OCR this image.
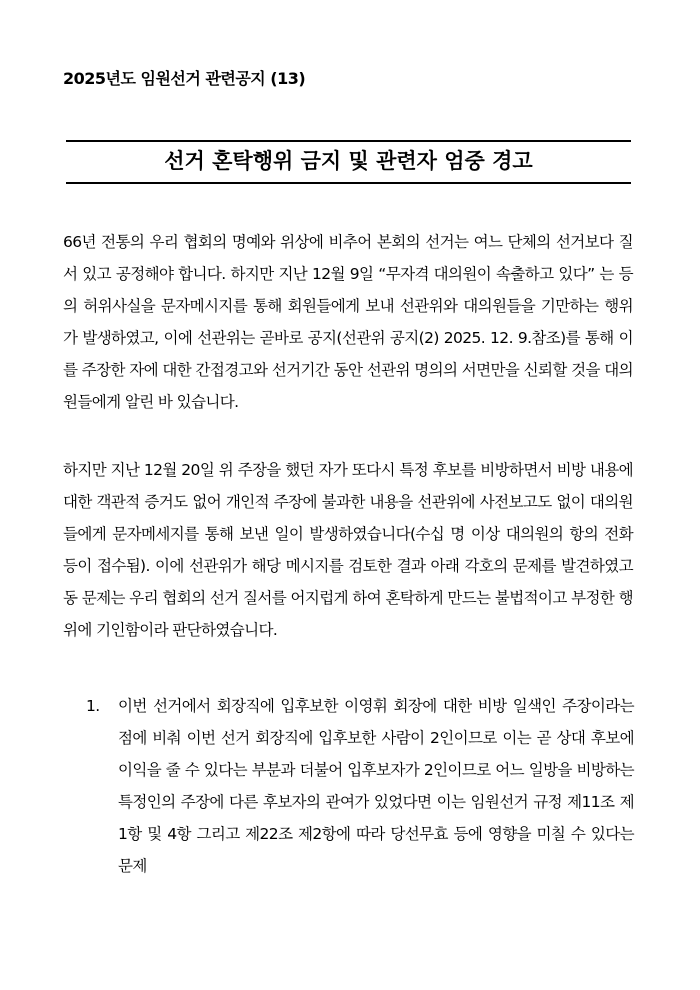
2025년도 임원선거 관련공지 (13)
선거 혼탁행위 금지 및 관련자 엄중 경고

66년 전통의 우리 협회의 명예와 위상에 비추어 본회의 선거는 여느 단체의 선거보다 질서 있고 공정해야 합니다. 하지만 지난 12월 9일 “무자격 대의원이 속출하고 있다” 는 등의 허위사실을 문자메시지를 통해 회원들에게 보내 선관위와 대의원들을 기만하는 행위가 발생하였고, 이에 선관위는 곧바로 공지(선관위 공지(2) 2025. 12. 9.참조)를 통해 이를 주장한 자에 대한 간접경고와 선거기간 동안 선관위 명의의 서면만을 신뢰할 것을 대의원들에게 알린 바 있습니다.

하지만 지난 12월 20일 위 주장을 했던 자가 또다시 특정 후보를 비방하면서 비방 내용에 대한 객관적 증거도 없어 개인적 주장에 불과한 내용을 선관위에 사전보고도 없이 대의원들에게 문자메세지를 통해 보낸 일이 발생하였습니다(수십 명 이상 대의원의 항의 전화 등이 접수됨). 이에 선관위가 해당 메시지를 검토한 결과 아래 각호의 문제를 발견하였고 동 문제는 우리 협회의 선거 질서를 어지럽게 하여 혼탁하게 만드는 불법적이고 부정한 행위에 기인함이라 판단하였습니다.

1.	이번 선거에서 회장직에 입후보한 이영휘 회장에 대한 비방 일색인 주장이라는 점에 비춰 이번 선거 회장직에 입후보한 사람이 2인이므로 이는 곧 상대 후보에 이익을 줄 수 있다는 부분과 더불어 입후보자가 2인이므로 어느 일방을 비방하는 특정인의 주장에 다른 후보자의 관여가 있었다면 이는 임원선거 규정 제11조 제1항 및 4항 그리고 제22조 제2항에 따라 당선무효 등에 영향을 미칠 수 있다는 문제
